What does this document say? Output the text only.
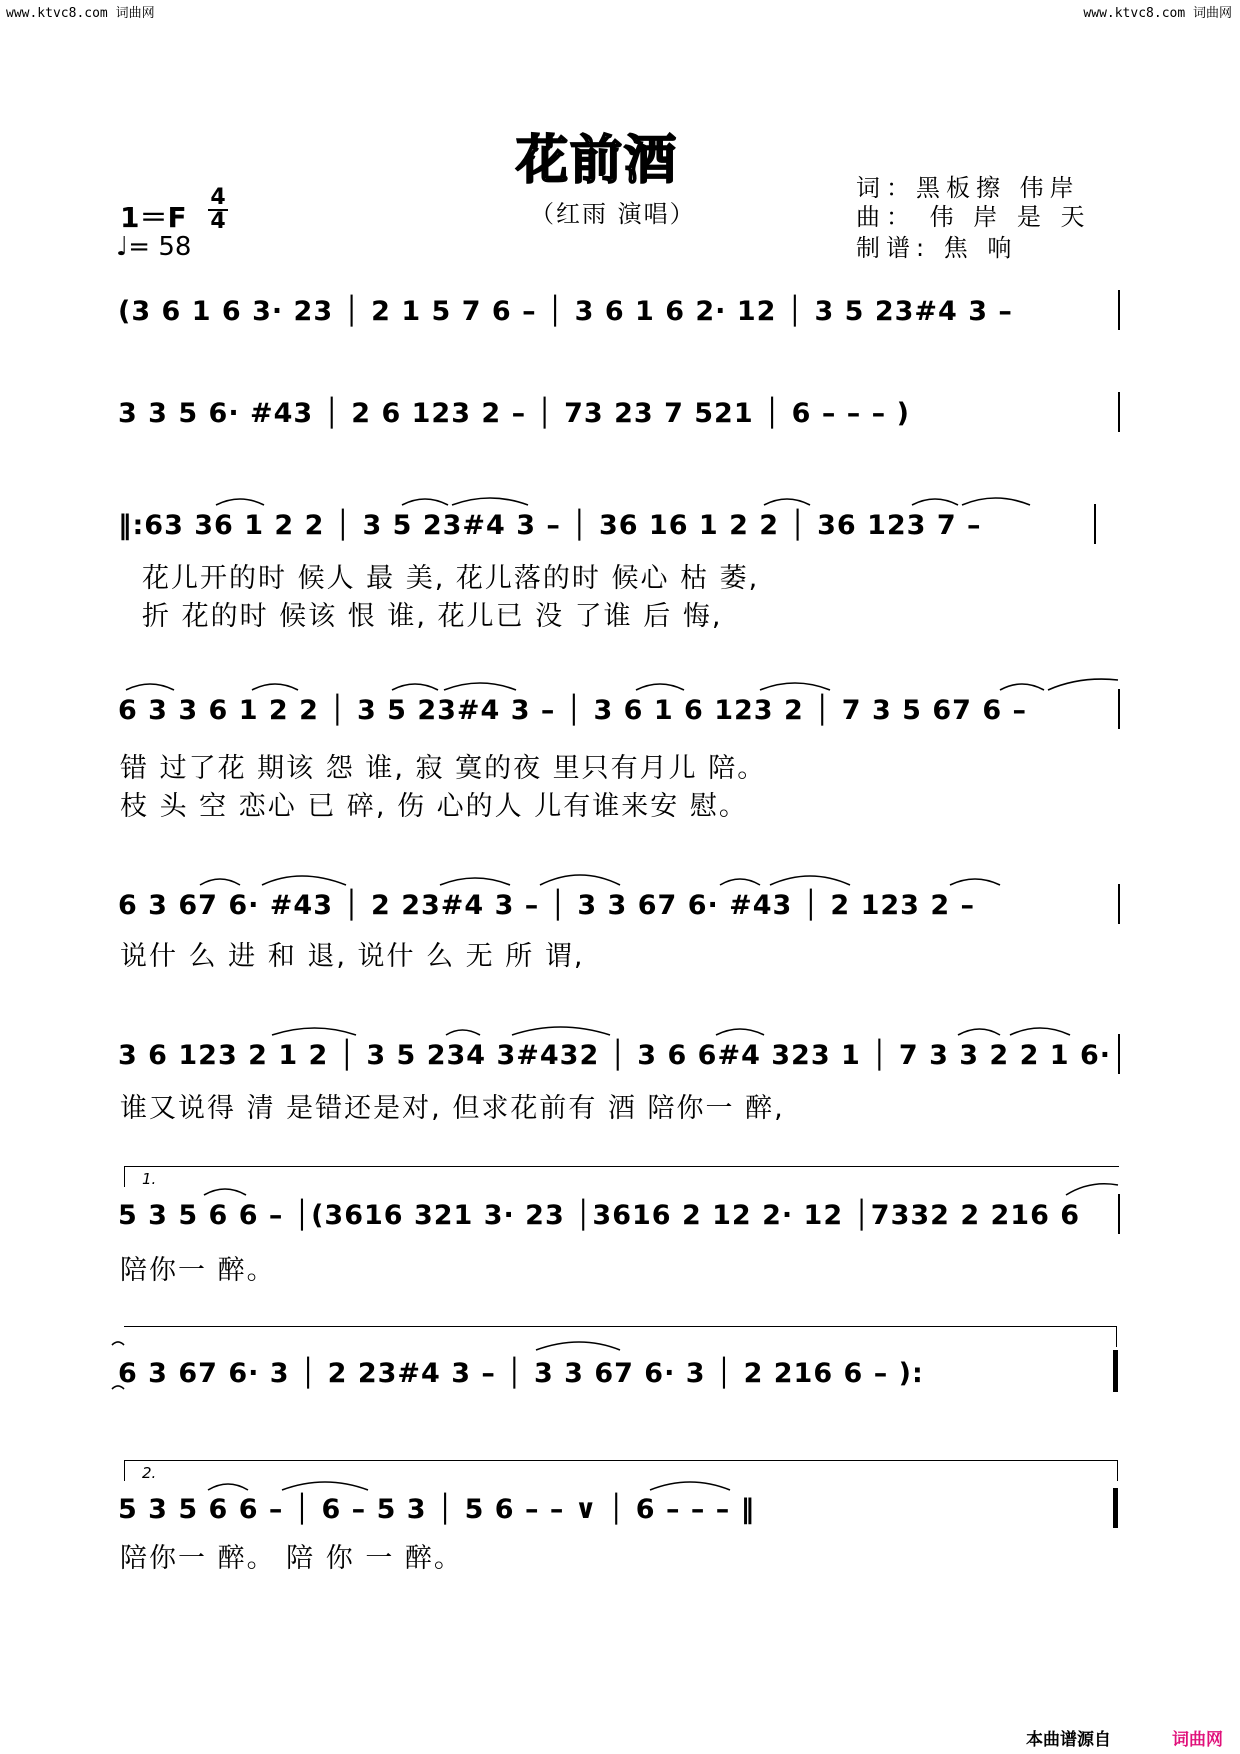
www.ktvc8.com 词曲网	www.ktvc8.com 词曲网
花前酒
（红雨 演唱）
词：黑板擦 伟岸
曲： 伟 岸 是 天
制谱: 焦 响
1＝F
4
4
♩= 58
(3 6 1 6 3· 23 │ 2 1 5 7 6 – │ 3 6 1 6 2· 12 │ 3 5 23#4 3 –
3 3 5 6· #43 │ 2 6 123 2 – │ 73 23 7 521 │ 6 – – – )
‖:63 36 1 2 2 │ 3 5 23#4 3 – │ 36 16 1 2 2 │ 36 123 7 –
花儿开的时 候人 最 美, 花儿落的时 候心 枯 萎,
折 花的时 候该 恨 谁, 花儿已 没 了谁 后 悔,
6 3 3 6 1 2 2 │ 3 5 23#4 3 – │ 3 6 1 6 123 2 │ 7 3 5 67 6 –
错 过了花 期该 怨 谁, 寂 寞的夜 里只有月儿 陪。
枝 头 空 恋心 已 碎, 伤 心的人 儿有谁来安 慰。
6 3 67 6· #43 │ 2 23#4 3 – │ 3 3 67 6· #43 │ 2 123 2 –
说什 么 进 和 退, 说什 么 无 所 谓,
3 6 123 2 1 2 │ 3 5 234 3#432 │ 3 6 6#4 323 1 │ 7 3 3 2 2 1 6·
谁又说得 清 是错还是对, 但求花前有 酒 陪你一 醉,
1.
5 3 5 6 6 – │(3616 321 3· 23 │3616 2 12 2· 12 │7332 2 216 6
陪你一 醉。
6 3 67 6· 3 │ 2 23#4 3 – │ 3 3 67 6· 3 │ 2 216 6 – ):
2.
5 3 5 6 6 – │ 6 – 5 3 │ 5 6 – – ∨ │ 6 – – – ‖
陪你一 醉。 陪 你 一 醉。
本曲谱源自	词曲网
